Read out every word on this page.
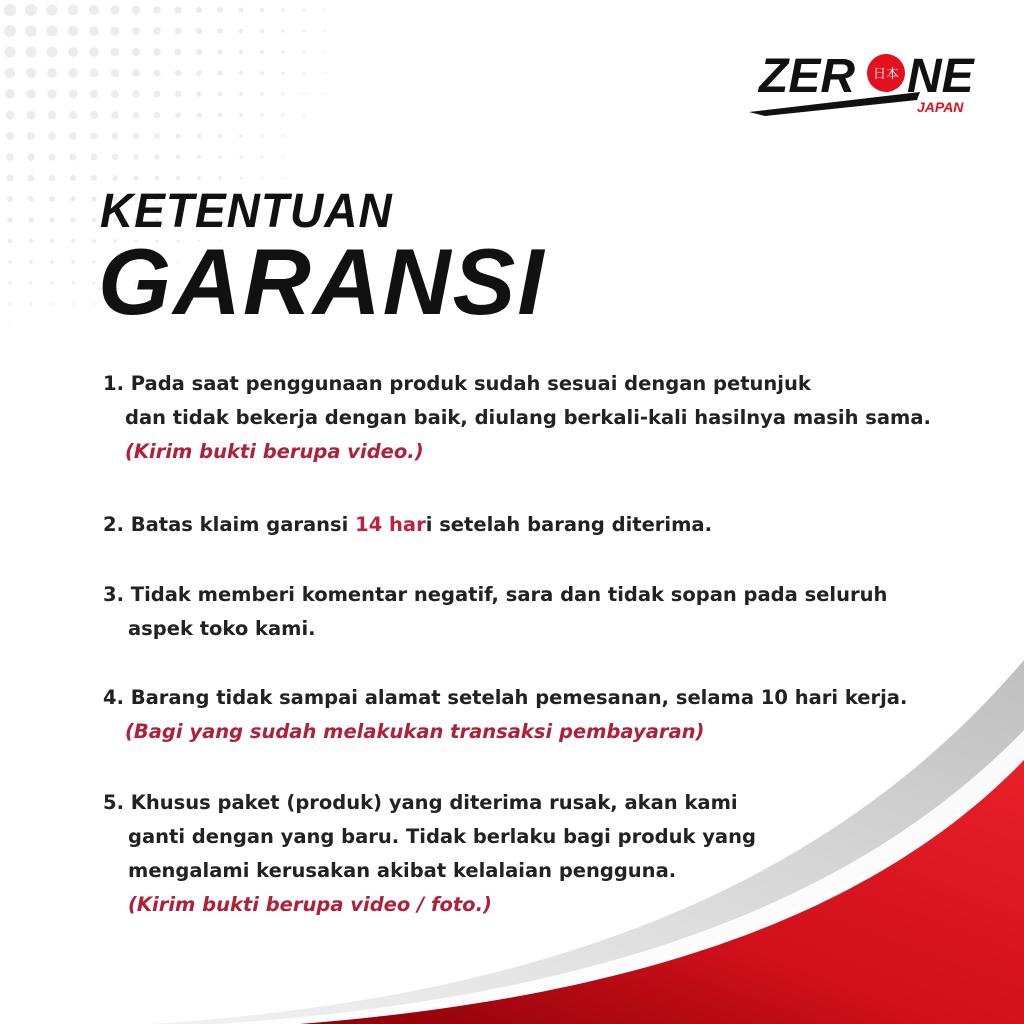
ZER 日本 NE
JAPAN
KETENTUAN
GARANSI
1. Pada saat penggunaan produk sudah sesuai dengan petunjuk
dan tidak bekerja dengan baik, diulang berkali-kali hasilnya masih sama.
(Kirim bukti berupa video.)
2. Batas klaim garansi 14 hari setelah barang diterima.
3. Tidak memberi komentar negatif, sara dan tidak sopan pada seluruh
aspek toko kami.
4. Barang tidak sampai alamat setelah pemesanan, selama 10 hari kerja.
(Bagi yang sudah melakukan transaksi pembayaran)
5. Khusus paket (produk) yang diterima rusak, akan kami
ganti dengan yang baru. Tidak berlaku bagi produk yang
mengalami kerusakan akibat kelalaian pengguna.
(Kirim bukti berupa video / foto.)
